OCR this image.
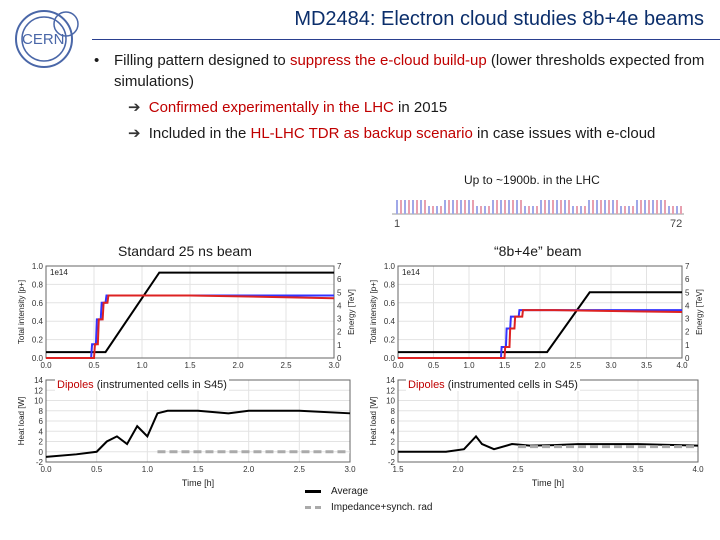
CERN
MD2484: Electron cloud studies 8b+4e beams
• Filling pattern designed to suppress the e-cloud build-up (lower thresholds expected from simulations)
➔ Confirmed experimentally in the LHC in 2015
➔ Included in the HL-LHC TDR as backup scenario in case issues with e-cloud
Up to ~1900b. in the LHC
1	72
Standard 25 ns beam	“8b+4e” beam
0.0	0.5	1.0	1.5	2.0	2.5	3.0
0.0
0.2
0.4
0.6
0.8
1.0
0
1
2
3
4
5
6
7
Total intensity [p+]	Energy [TeV]
1e14
0.0	0.5	1.0	1.5	2.0	2.5	3.0	3.5	4.0
0.0
0.2
0.4
0.6
0.8
1.0
0
1
2
3
4
5
6
7
Total intensity [p+]	Energy [TeV]
1e14
0.0	0.5	1.0	1.5	2.0	2.5	3.0
-2
0
2
4
6
8
10
12
14
Heat load [W]
Time [h]
1.5	2.0	2.5	3.0	3.5	4.0
-2
0
2
4
6
8
10
12
14
Heat load [W]
Time [h]
Dipoles (instrumented cells in S45)	Dipoles (instrumented cells in S45)
Average
Impedance+synch. rad
